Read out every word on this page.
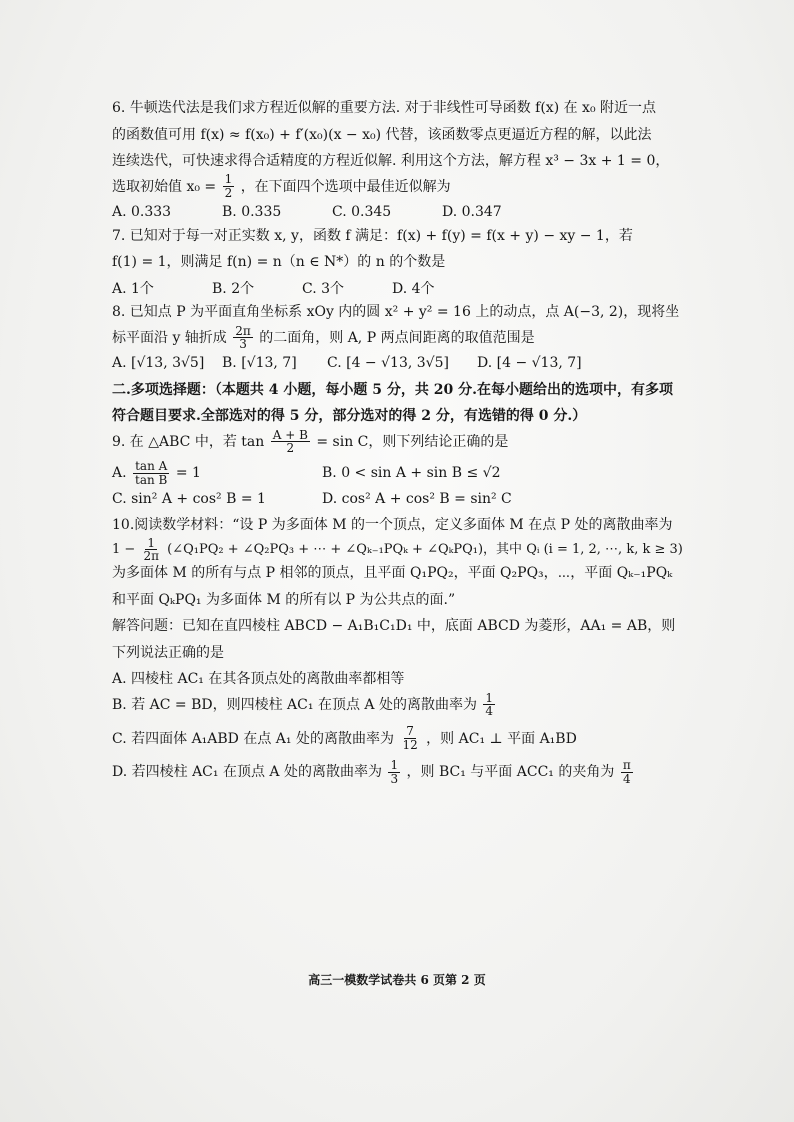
6. 牛顿迭代法是我们求方程近似解的重要方法. 对于非线性可导函数 f(x) 在 x₀ 附近一点

的函数值可用 f(x) ≈ f(x₀) + f′(x₀)(x − x₀) 代替，该函数零点更逼近方程的解，以此法

连续迭代，可快速求得合适精度的方程近似解. 利用这个方法，解方程 x³ − 3x + 1 = 0，

选取初始值 $x_0 = \frac{1}{2}$ ，在下面四个选项中最佳近似解为

A. 0.333	B. 0.335	C. 0.345	D. 0.347

7. 已知对于每一对正实数 x, y，函数 f 满足：f(x) + f(y) = f(x + y) − xy − 1，若

f(1) = 1，则满足 f(n) = n（n ∈ N*）的 n 的个数是

A. 1个	B. 2个	C. 3个	D. 4个

8. 已知点 P 为平面直角坐标系 xOy 内的圆 x² + y² = 16 上的动点，点 A(−3, 2)，现将坐

标平面沿 y 轴折成 $\frac{2\pi}{3}$ 的二面角，则 A, P 两点间距离的取值范围是

A. [√13, 3√5]	B. [√13, 7]	C. [4 − √13, 3√5]	D. [4 − √13, 7]

二.多项选择题：（本题共 4 小题，每小题 5 分，共 20 分.在每小题给出的选项中，有多项

符合题目要求.全部选对的得 5 分，部分选对的得 2 分，有选错的得 0 分.）

9. 在 △ABC 中，若 $\tan \frac{A + B}{2} = \sin C$，则下列结论正确的是

A. $\frac{\text{tan A}}{\text{tan B}} = 1$	B. 0 < sin A + sin B ≤ √2
C. sin² A + cos² B = 1	D. cos² A + cos² B = sin² C

10.阅读数学材料：“设 P 为多面体 M 的一个顶点，定义多面体 M 在点 P 处的离散曲率为

$1 - \frac{1}{2\pi}$ (∠Q₁PQ₂ + ∠Q₂PQ₃ + ⋯ + ∠Qₖ₋₁PQₖ + ∠QₖPQ₁)，其中 Qᵢ (i = 1, 2, ⋯, k, k ≥ 3)

为多面体 M 的所有与点 P 相邻的顶点，且平面 Q₁PQ₂，平面 Q₂PQ₃，⋯，平面 Qₖ₋₁PQₖ

和平面 QₖPQ₁ 为多面体 M 的所有以 P 为公共点的面.”

解答问题：已知在直四棱柱 ABCD − A₁B₁C₁D₁ 中，底面 ABCD 为菱形，AA₁ = AB，则

下列说法正确的是

A. 四棱柱 AC₁ 在其各顶点处的离散曲率都相等

B. 若 AC = BD，则四棱柱 AC₁ 在顶点 A 处的离散曲率为 $\frac{1}{4}$

C. 若四面体 A₁ABD 在点 A₁ 处的离散曲率为 $\frac{7}{12}$ ，则 AC₁ ⊥ 平面 A₁BD

D. 若四棱柱 AC₁ 在顶点 A 处的离散曲率为 $\frac{1}{3}$ ，则 BC₁ 与平面 ACC₁ 的夹角为 $\frac{\pi}{4}$

高三一模数学试卷共 6 页第 2 页
